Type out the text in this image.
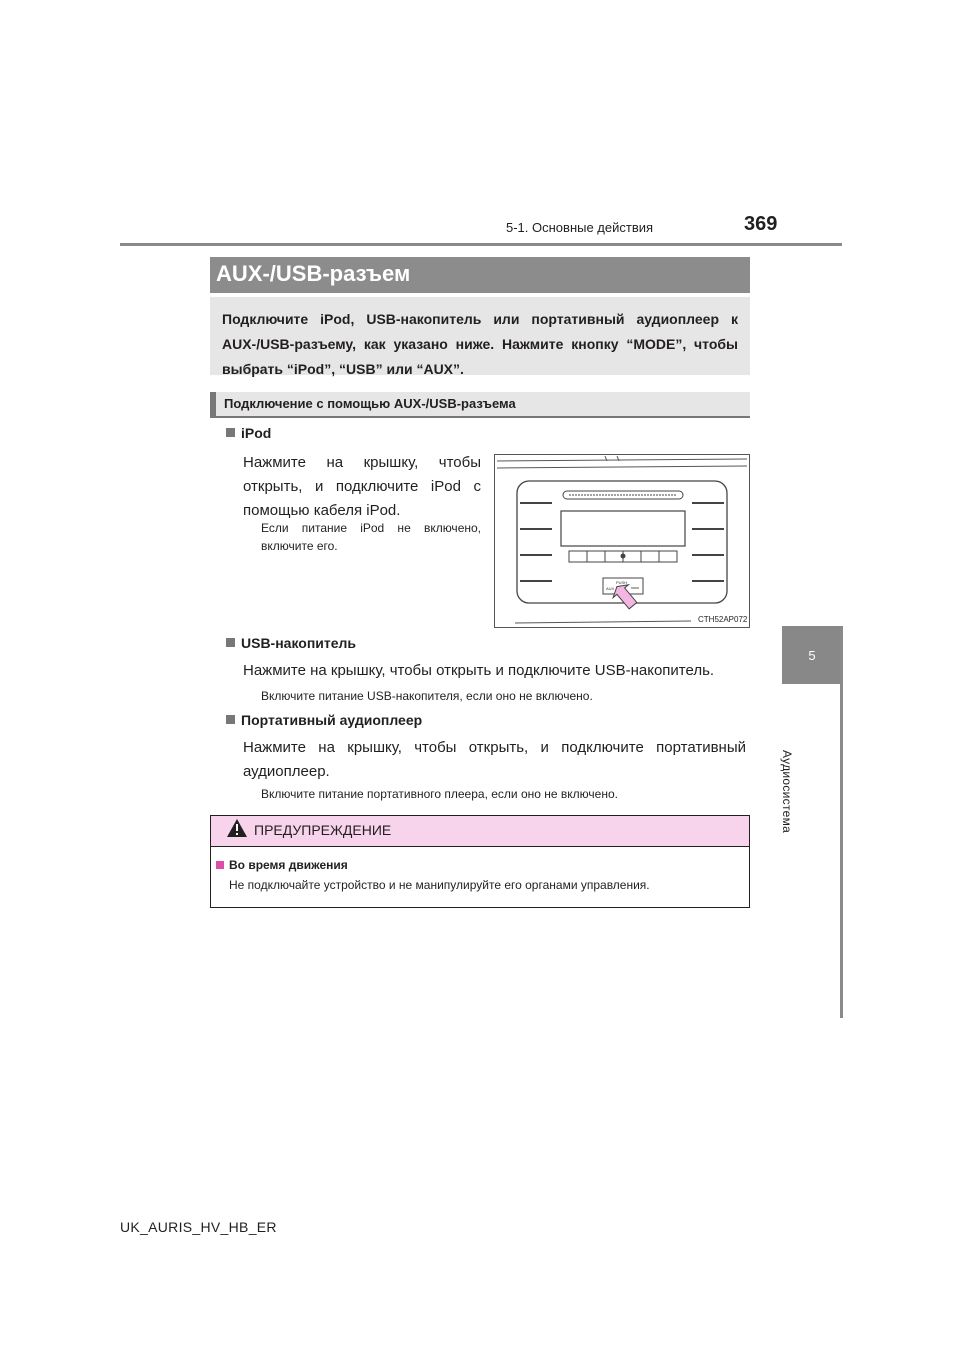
5-1. Основные действия	369
5
Аудиосистема
AUX-/USB-разъем
Подключите iPod, USB-накопитель или портативный аудиоплеер к AUX-/USB-разъему, как указано ниже. Нажмите кнопку “MODE”, чтобы выбрать “iPod”, “USB” или “AUX”.
Подключение с помощью AUX-/USB-разъема
iPod
Нажмите на крышку, чтобы
открыть, и подключите iPod с
помощью кабеля iPod.
Если питание iPod не включено,
включите его.
PUSH
AUX
CTH52AP072
USB-накопитель
Нажмите на крышку, чтобы открыть и подключите USB-накопитель.
Включите питание USB-накопителя, если оно не включено.
Портативный аудиоплеер
Нажмите на крышку, чтобы открыть, и подключите портативный
аудиоплеер.
Включите питание портативного плеера, если оно не включено.
ПРЕДУПРЕЖДЕНИЕ
Во время движения
Не подключайте устройство и не манипулируйте его органами управления.
UK_AURIS_HV_HB_ER
